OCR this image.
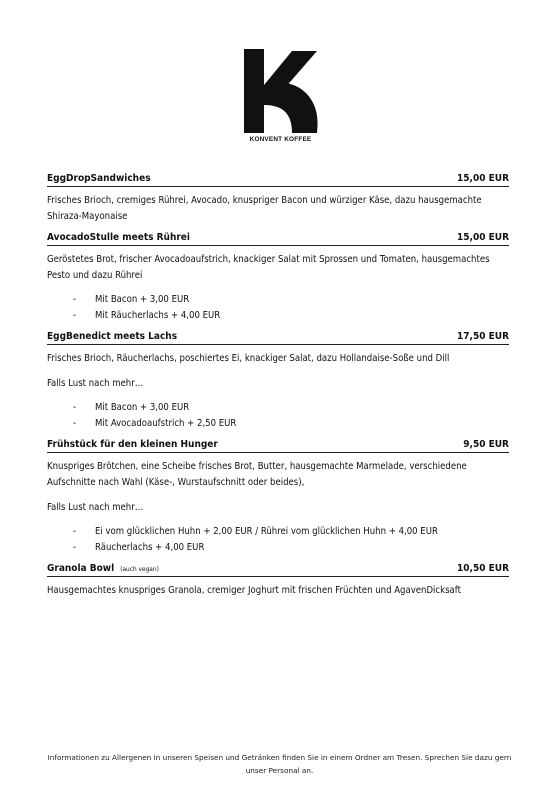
KONVENT KOFFEE
EggDropSandwiches	15,00 EUR

Frisches Brioch, cremiges Rührei, Avocado, knuspriger Bacon und würziger Käse, dazu hausgemachte Shiraza-Mayonaise

AvocadoStulle meets Rührei	15,00 EUR

Geröstetes Brot, frischer Avocadoaufstrich, knackiger Salat mit Sprossen und Tomaten, hausgemachtes Pesto und dazu Rührei

- Mit Bacon + 3,00 EUR
- Mit Räucherlachs + 4,00 EUR
EggBenedict meets Lachs	17,50 EUR

Frisches Brioch, Räucherlachs, poschiertes Ei, knackiger Salat, dazu Hollandaise-Soße und Dill

Falls Lust nach mehr…

- Mit Bacon + 3,00 EUR
- Mit Avocadoaufstrich + 2,50 EUR
Frühstück für den kleinen Hunger	9,50 EUR

Knuspriges Brötchen, eine Scheibe frisches Brot, Butter, hausgemachte Marmelade, verschiedene Aufschnitte nach Wahl (Käse-, Wurstaufschnitt oder beides),

Falls Lust nach mehr…

- Ei vom glücklichen Huhn + 2,00 EUR / Rührei vom glücklichen Huhn + 4,00 EUR
- Räucherlachs + 4,00 EUR
Granola Bowl (auch vegan)	10,50 EUR

Hausgemachtes knuspriges Granola, cremiger Joghurt mit frischen Früchten und AgavenDicksaft

Informationen zu Allergenen in unseren Speisen und Getränken finden Sie in einem Ordner am Tresen. Sprechen Sie dazu gern unser Personal an.
